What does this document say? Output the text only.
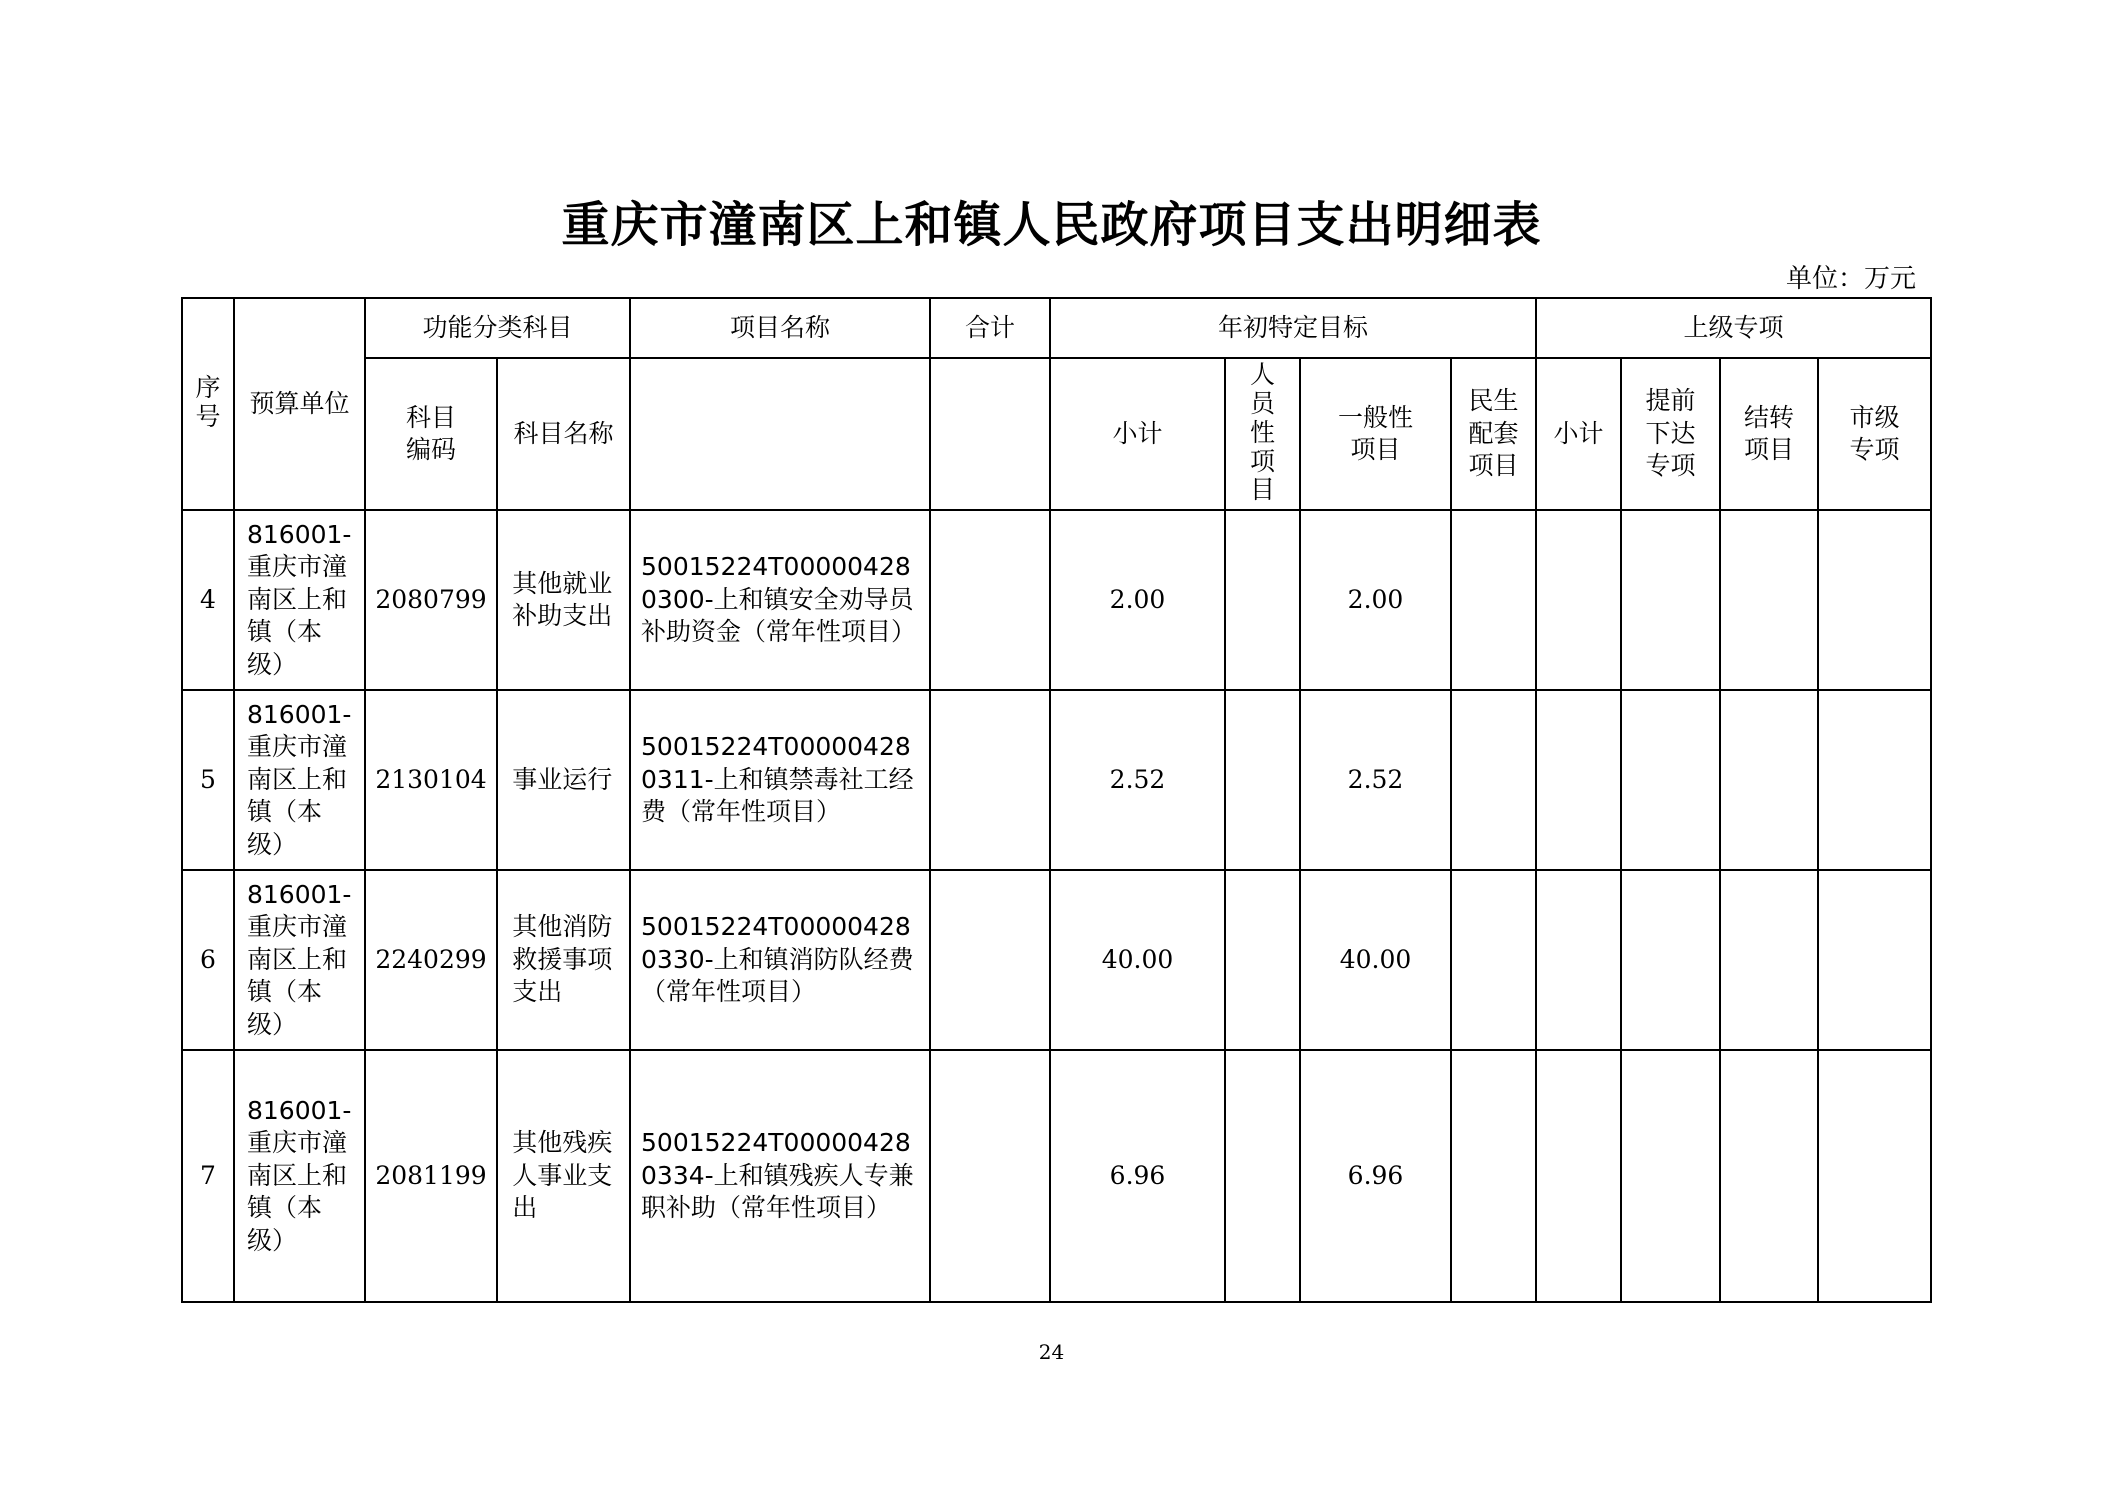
重庆市潼南区上和镇人民政府项目支出明细表
单位：万元
序号	预算单位	功能分类科目		项目名称	合计	年初特定目标				上级专项			
		科目编码	科目名称			小计	人员性项目	一般性项目	民生配套项目	小计	提前下达专项	结转项目	市级专项
4	816001-重庆市潼南区上和镇（本级）	2080799	其他就业补助支出	50015224T000004280300-上和镇安全劝导员补助资金（常年性项目）		2.00		2.00					
5	816001-重庆市潼南区上和镇（本级）	2130104	事业运行	50015224T000004280311-上和镇禁毒社工经费（常年性项目）		2.52		2.52					
6	816001-重庆市潼南区上和镇（本级）	2240299	其他消防救援事项支出	50015224T000004280330-上和镇消防队经费（常年性项目）		40.00		40.00					
7	816001-重庆市潼南区上和镇（本级）	2081199	其他残疾人事业支出	50015224T000004280334-上和镇残疾人专兼职补助（常年性项目）		6.96		6.96					
24
